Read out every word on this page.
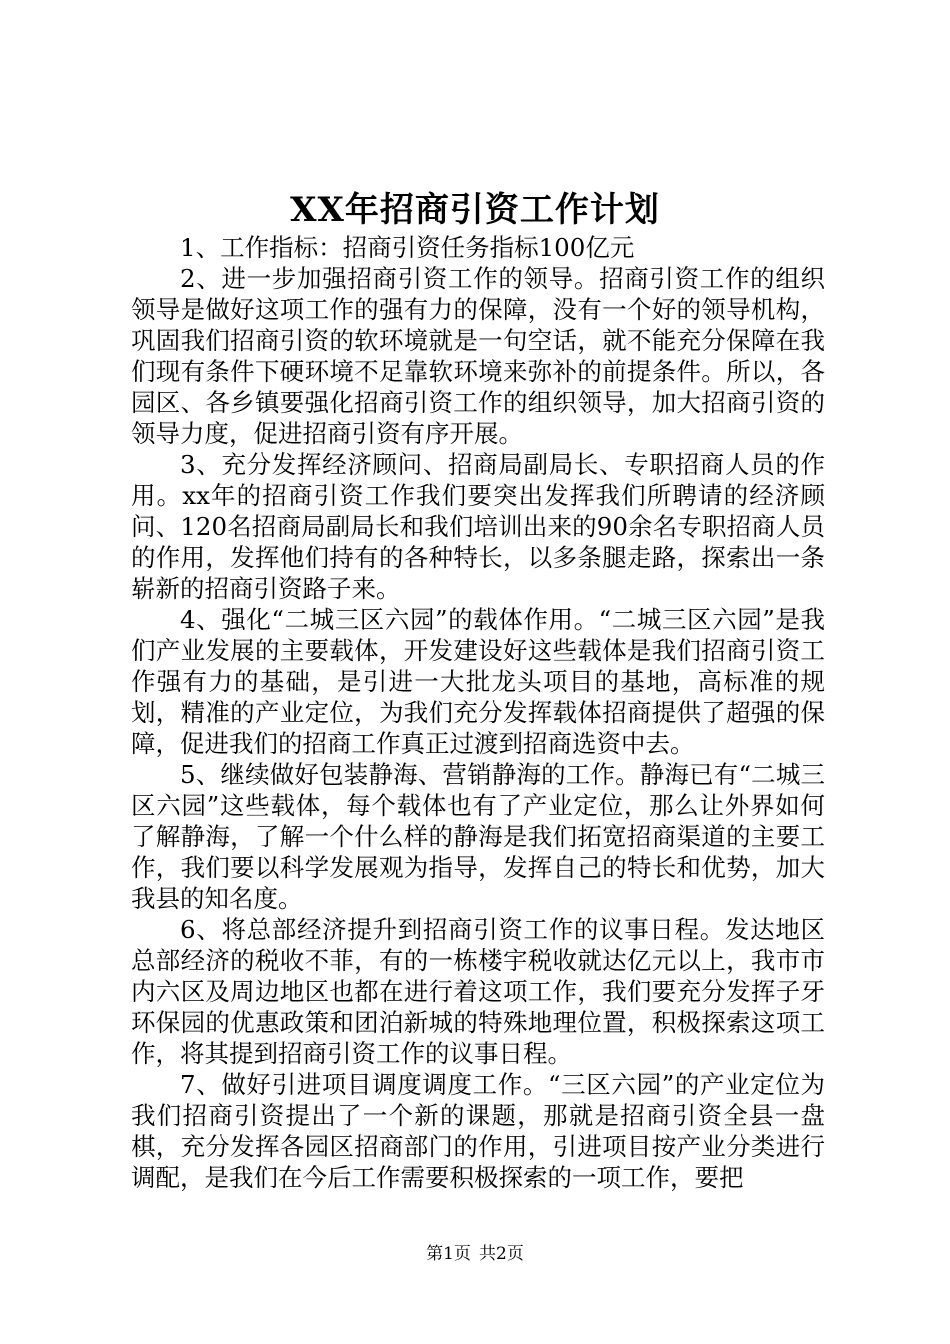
XX年招商引资工作计划

1、工作指标：招商引资任务指标100亿元

2、进一步加强招商引资工作的领导。招商引资工作的组织领导是做好这项工作的强有力的保障，没有一个好的领导机构，巩固我们招商引资的软环境就是一句空话，就不能充分保障在我们现有条件下硬环境不足靠软环境来弥补的前提条件。所以，各园区、各乡镇要强化招商引资工作的组织领导，加大招商引资的领导力度，促进招商引资有序开展。

3、充分发挥经济顾问、招商局副局长、专职招商人员的作用。xx年的招商引资工作我们要突出发挥我们所聘请的经济顾问、120名招商局副局长和我们培训出来的90余名专职招商人员的作用，发挥他们持有的各种特长，以多条腿走路，探索出一条崭新的招商引资路子来。

4、强化“二城三区六园”的载体作用。“二城三区六园”是我们产业发展的主要载体，开发建设好这些载体是我们招商引资工作强有力的基础，是引进一大批龙头项目的基地，高标准的规划，精准的产业定位，为我们充分发挥载体招商提供了超强的保障，促进我们的招商工作真正过渡到招商选资中去。

5、继续做好包装静海、营销静海的工作。静海已有“二城三区六园”这些载体，每个载体也有了产业定位，那么让外界如何了解静海，了解一个什么样的静海是我们拓宽招商渠道的主要工作，我们要以科学发展观为指导，发挥自己的特长和优势，加大我县的知名度。

6、将总部经济提升到招商引资工作的议事日程。发达地区总部经济的税收不菲，有的一栋楼宇税收就达亿元以上，我市市内六区及周边地区也都在进行着这项工作，我们要充分发挥子牙环保园的优惠政策和团泊新城的特殊地理位置，积极探索这项工作，将其提到招商引资工作的议事日程。

7、做好引进项目调度调度工作。“三区六园”的产业定位为我们招商引资提出了一个新的课题，那就是招商引资全县一盘棋，充分发挥各园区招商部门的作用，引进项目按产业分类进行调配，是我们在今后工作需要积极探索的一项工作，要把

第1页 共2页
